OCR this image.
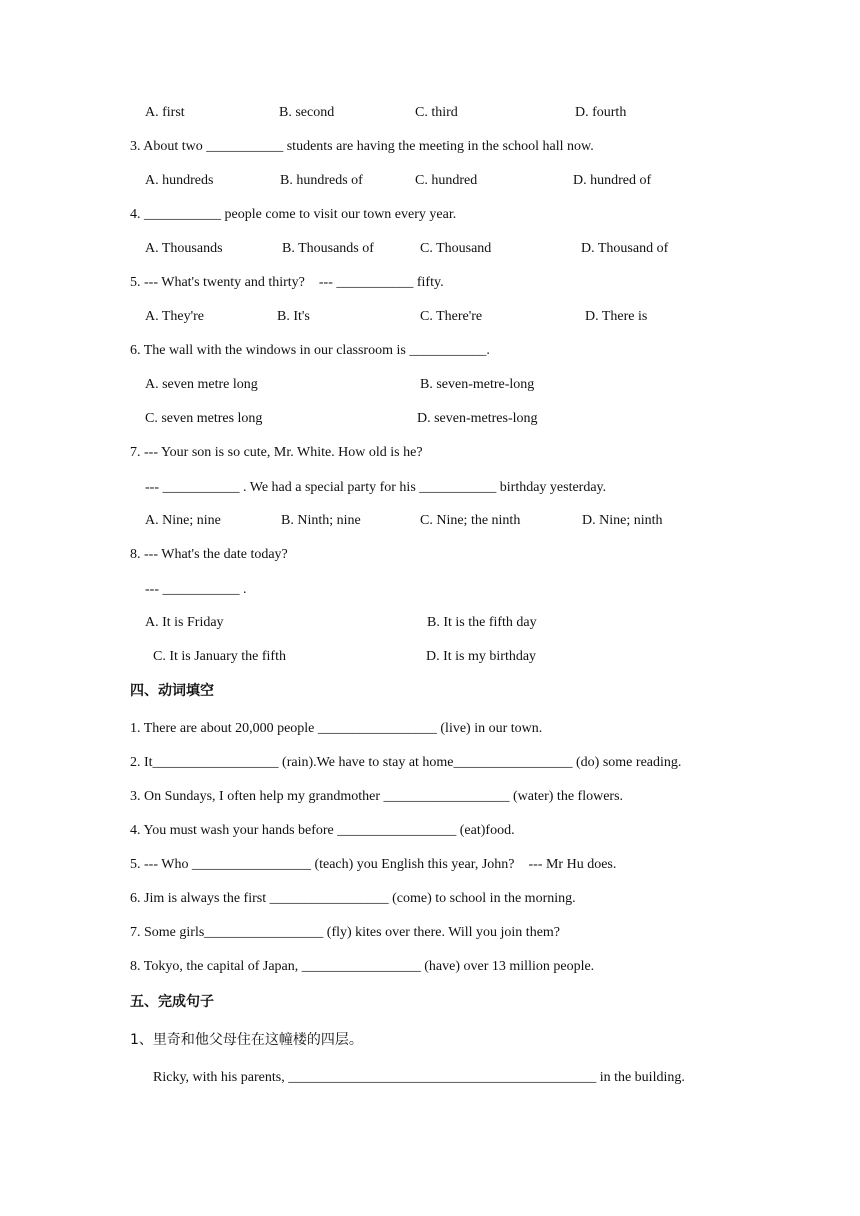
A. first	B. second	C. third	D. fourth
3. About two ___________ students are having the meeting in the school hall now.
A. hundreds	B. hundreds of	C. hundred	D. hundred of
4. ___________ people come to visit our town every year.
A. Thousands	B. Thousands of	C. Thousand	D. Thousand of
5. --- What's twenty and thirty?    --- ___________ fifty.
A. They're	B. It's	C. There're	D. There is
6. The wall with the windows in our classroom is ___________.
A. seven metre long	B. seven-metre-long
C. seven metres long	D. seven-metres-long
7. --- Your son is so cute, Mr. White. How old is he?
--- ___________ . We had a special party for his ___________ birthday yesterday.
A. Nine; nine	B. Ninth; nine	C. Nine; the ninth	D. Nine; ninth
8. --- What's the date today?
--- ___________ .
A. It is Friday	B. It is the fifth day
C. It is January the fifth	D. It is my birthday
四、动词填空
1. There are about 20,000 people _________________ (live) in our town.
2. It__________________ (rain).We have to stay at home_________________ (do) some reading.
3. On Sundays, I often help my grandmother __________________ (water) the flowers.
4. You must wash your hands before _________________ (eat)food.
5. --- Who _________________ (teach) you English this year, John?    --- Mr Hu does.
6. Jim is always the first _________________ (come) to school in the morning.
7. Some girls_________________ (fly) kites over there. Will you join them?
8. Tokyo, the capital of Japan, _________________ (have) over 13 million people.
五、完成句子
1、里奇和他父母住在这幢楼的四层。
Ricky, with his parents, ____________________________________________ in the building.
